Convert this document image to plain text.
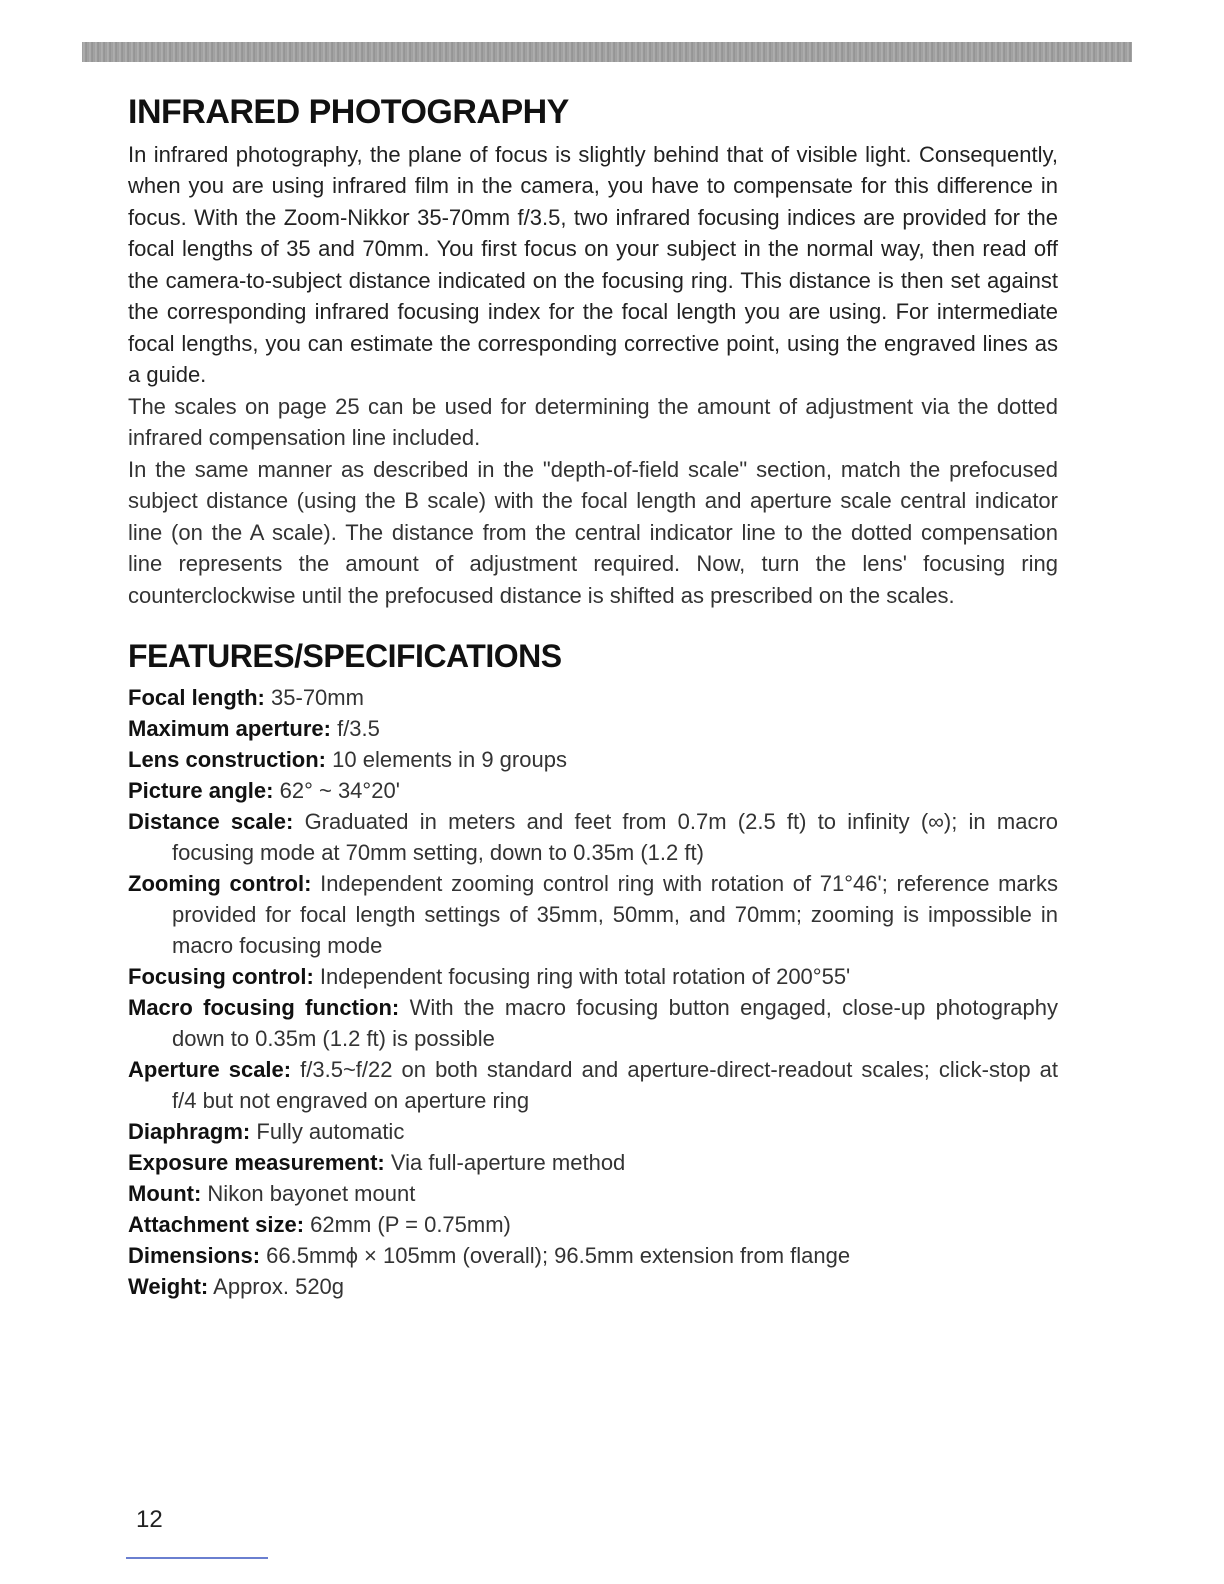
INFRARED PHOTOGRAPHY

In infrared photography, the plane of focus is slightly behind that of visible light. Consequently, when you are using infrared film in the camera, you have to compensate for this difference in focus. With the Zoom-Nikkor 35-70mm f/3.5, two infrared focusing indices are provided for the focal lengths of 35 and 70mm. You first focus on your subject in the normal way, then read off the camera-to-subject distance indicated on the focusing ring. This distance is then set against the corresponding infrared focusing index for the focal length you are using. For intermediate focal lengths, you can estimate the corresponding corrective point, using the engraved lines as a guide.

The scales on page 25 can be used for determining the amount of adjustment via the dotted infrared compensation line included.

In the same manner as described in the "depth-of-field scale" section, match the prefocused subject distance (using the B scale) with the focal length and aperture scale central indicator line (on the A scale). The distance from the central indicator line to the dotted compensation line represents the amount of adjustment required. Now, turn the lens' focusing ring counterclockwise until the prefocused distance is shifted as prescribed on the scales.

FEATURES/SPECIFICATIONS
Focal length: 35-70mm
Maximum aperture: f/3.5
Lens construction: 10 elements in 9 groups
Picture angle: 62° ~ 34°20'
Distance scale: Graduated in meters and feet from 0.7m (2.5 ft) to infinity (∞); in macro focusing mode at 70mm setting, down to 0.35m (1.2 ft)
Zooming control: Independent zooming control ring with rotation of 71°46'; reference marks provided for focal length settings of 35mm, 50mm, and 70mm; zooming is impossible in macro focusing mode
Focusing control: Independent focusing ring with total rotation of 200°55'
Macro focusing function: With the macro focusing button engaged, close-up photography down to 0.35m (1.2 ft) is possible
Aperture scale: f/3.5~f/22 on both standard and aperture-direct-readout scales; click-stop at f/4 but not engraved on aperture ring
Diaphragm: Fully automatic
Exposure measurement: Via full-aperture method
Mount: Nikon bayonet mount
Attachment size: 62mm (P = 0.75mm)
Dimensions: 66.5mmϕ × 105mm (overall); 96.5mm extension from flange
Weight: Approx. 520g
12
